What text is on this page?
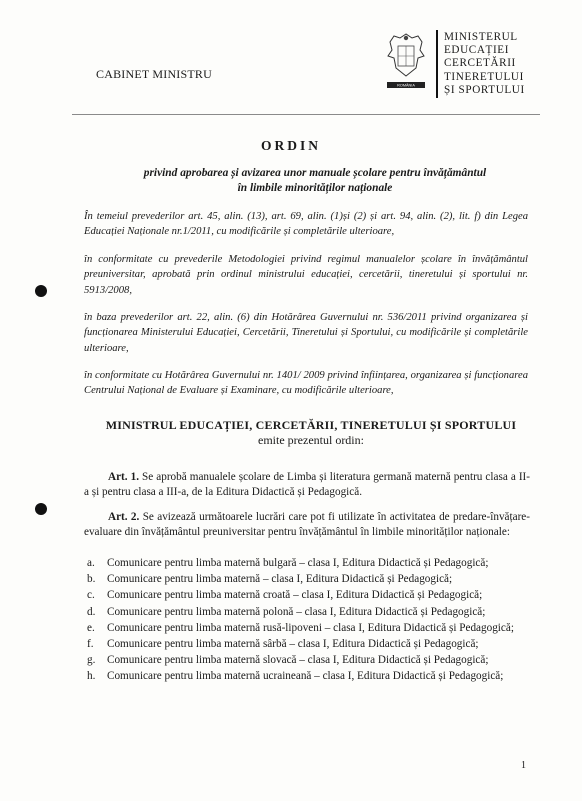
CABINET MINISTRU
ROMÂNIA
MINISTERUL
EDUCAȚIEI
CERCETĂRII
TINERETULUI
ȘI SPORTULUI
ORDIN
privind aprobarea și avizarea unor manuale școlare pentru învățământul
în limbile minorităților naționale
În temeiul prevederilor art. 45, alin. (13), art. 69, alin. (1)și (2) și art. 94, alin. (2), lit. f) din Legea Educației Naționale nr.1/2011, cu modificările și completările ulterioare,
în conformitate cu prevederile Metodologiei privind regimul manualelor școlare în învățământul preuniversitar, aprobată prin ordinul ministrului educației, cercetării, tineretului și sportului nr. 5913/2008,
în baza prevederilor art. 22, alin. (6) din Hotărârea Guvernului nr. 536/2011 privind organizarea și funcționarea Ministerului Educației, Cercetării, Tineretului și Sportului, cu modificările și completările ulterioare,
în conformitate cu Hotărârea Guvernului nr. 1401/ 2009 privind înființarea, organizarea și funcționarea Centrului Național de Evaluare și Examinare, cu modificările ulterioare,
MINISTRUL EDUCAȚIEI, CERCETĂRII, TINERETULUI ȘI SPORTULUI
emite prezentul ordin:
Art. 1. Se aprobă manualele școlare de Limba și literatura germană maternă pentru clasa a II-a și pentru clasa a III-a, de la Editura Didactică și Pedagogică.
Art. 2. Se avizează următoarele lucrări care pot fi utilizate în activitatea de predare-învățare-evaluare din învățământul preuniversitar pentru învățământul în limbile minorităților naționale:
a.	Comunicare pentru limba maternă bulgară – clasa I, Editura Didactică și Pedagogică;
b.	Comunicare pentru limba maternă – clasa I, Editura Didactică și Pedagogică;
c.	Comunicare pentru limba maternă croată – clasa I, Editura Didactică și Pedagogică;
d.	Comunicare pentru limba maternă polonă – clasa I, Editura Didactică și Pedagogică;
e.	Comunicare pentru limba maternă rusă-lipoveni – clasa I, Editura Didactică și Pedagogică;
f.	Comunicare pentru limba maternă sârbă – clasa I, Editura Didactică și Pedagogică;
g.	Comunicare pentru limba maternă slovacă – clasa I, Editura Didactică și Pedagogică;
h.	Comunicare pentru limba maternă ucraineană – clasa I, Editura Didactică și Pedagogică;
1
